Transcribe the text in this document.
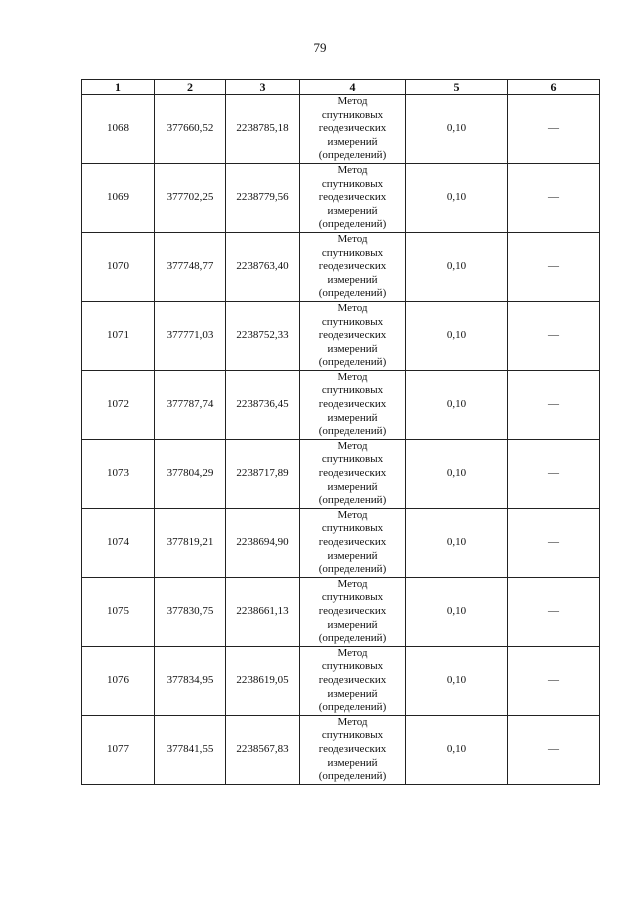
79
1	2	3	4	5	6
1068	377660,52	2238785,18	Метод
спутниковых
геодезических
измерений
(определений)	0,10	—
1069	377702,25	2238779,56	Метод
спутниковых
геодезических
измерений
(определений)	0,10	—
1070	377748,77	2238763,40	Метод
спутниковых
геодезических
измерений
(определений)	0,10	—
1071	377771,03	2238752,33	Метод
спутниковых
геодезических
измерений
(определений)	0,10	—
1072	377787,74	2238736,45	Метод
спутниковых
геодезических
измерений
(определений)	0,10	—
1073	377804,29	2238717,89	Метод
спутниковых
геодезических
измерений
(определений)	0,10	—
1074	377819,21	2238694,90	Метод
спутниковых
геодезических
измерений
(определений)	0,10	—
1075	377830,75	2238661,13	Метод
спутниковых
геодезических
измерений
(определений)	0,10	—
1076	377834,95	2238619,05	Метод
спутниковых
геодезических
измерений
(определений)	0,10	—
1077	377841,55	2238567,83	Метод
спутниковых
геодезических
измерений
(определений)	0,10	—
